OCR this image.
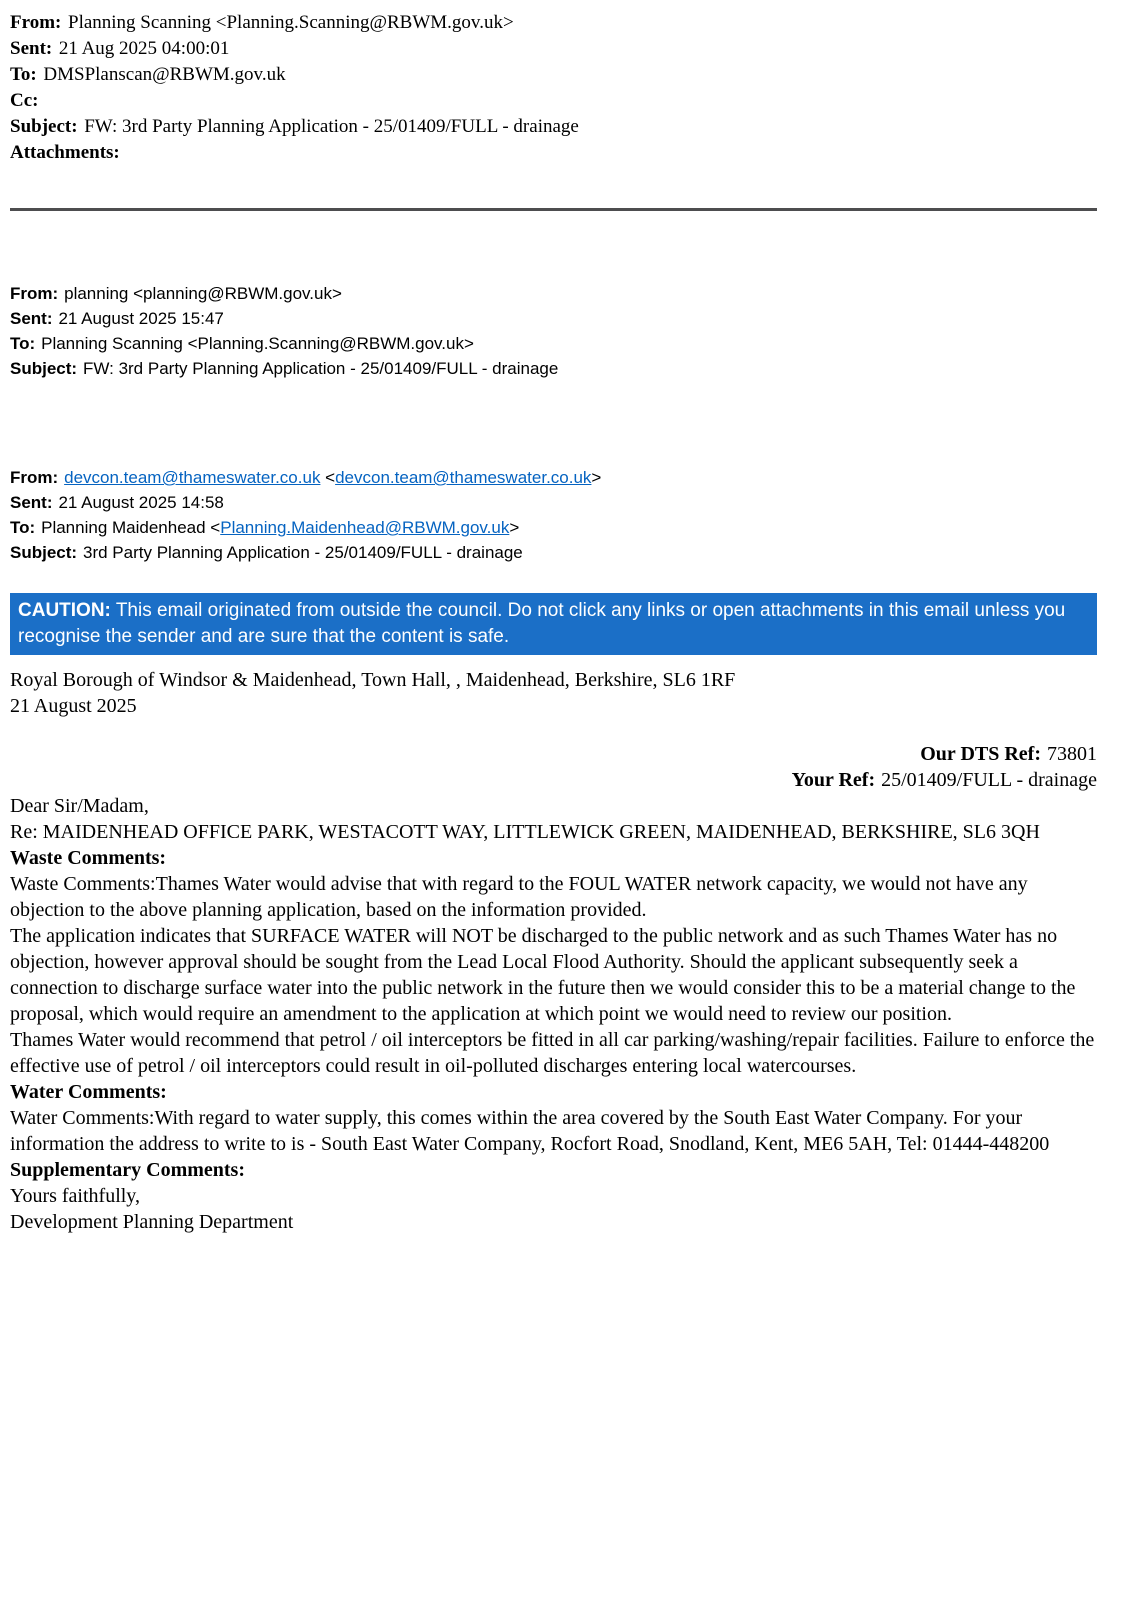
From: Planning Scanning <Planning.Scanning@RBWM.gov.uk>
Sent: 21 Aug 2025 04:00:01
To: DMSPlanscan@RBWM.gov.uk
Cc:
Subject: FW: 3rd Party Planning Application - 25/01409/FULL - drainage
Attachments:
From: planning <planning@RBWM.gov.uk>
Sent: 21 August 2025 15:47
To: Planning Scanning <Planning.Scanning@RBWM.gov.uk>
Subject: FW: 3rd Party Planning Application - 25/01409/FULL - drainage
From: devcon.team@thameswater.co.uk <devcon.team@thameswater.co.uk>
Sent: 21 August 2025 14:58
To: Planning Maidenhead <Planning.Maidenhead@RBWM.gov.uk>
Subject: 3rd Party Planning Application - 25/01409/FULL - drainage
CAUTION: This email originated from outside the council. Do not click any links or open attachments in this email unless you recognise the sender and are sure that the content is safe.

Royal Borough of Windsor & Maidenhead, Town Hall, , Maidenhead, Berkshire, SL6 1RF

21 August 2025

Our DTS Ref: 73801
Your Ref: 25/01409/FULL - drainage

Dear Sir/Madam,

Re: MAIDENHEAD OFFICE PARK, WESTACOTT WAY, LITTLEWICK GREEN, MAIDENHEAD, BERKSHIRE, SL6 3QH

Waste Comments:

Waste Comments:Thames Water would advise that with regard to the FOUL WATER network capacity, we would not have any objection to the above planning application, based on the information provided.

The application indicates that SURFACE WATER will NOT be discharged to the public network and as such Thames Water has no objection, however approval should be sought from the Lead Local Flood Authority. Should the applicant subsequently seek a connection to discharge surface water into the public network in the future then we would consider this to be a material change to the proposal, which would require an amendment to the application at which point we would need to review our position.

Thames Water would recommend that petrol / oil interceptors be fitted in all car parking/washing/repair facilities. Failure to enforce the effective use of petrol / oil interceptors could result in oil-polluted discharges entering local watercourses.

Water Comments:

Water Comments:With regard to water supply, this comes within the area covered by the South East Water Company. For your information the address to write to is - South East Water Company, Rocfort Road, Snodland, Kent, ME6 5AH, Tel: 01444-448200

Supplementary Comments:

Yours faithfully,

Development Planning Department
